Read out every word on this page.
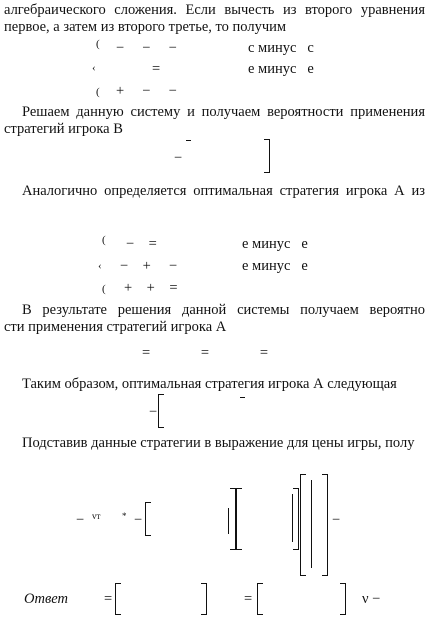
алгебраического сложения. Если вычесть из второго уравнения
первое, а затем из второго третье, то получим
(
‹
(
−     −     −	с минус   с
=	е минус   е
+     −     −
Решаем данную систему и получаем вероятности применения
стратегий игрока B
−
Аналогично определяется оптимальная стратегия игрока А из
(
‹
(
−    =	е минус   е
−    +     −	е минус   е
+    +    =
В результате решения данной системы получаем вероятно
сти применения стратегий игрока A
=              =              =
Таким образом, оптимальная стратегия игрока А следующая
−
Подставив данные стратегии в выражение для цены игры, полу
− vт * −	−
Ответ =	=	ν −
